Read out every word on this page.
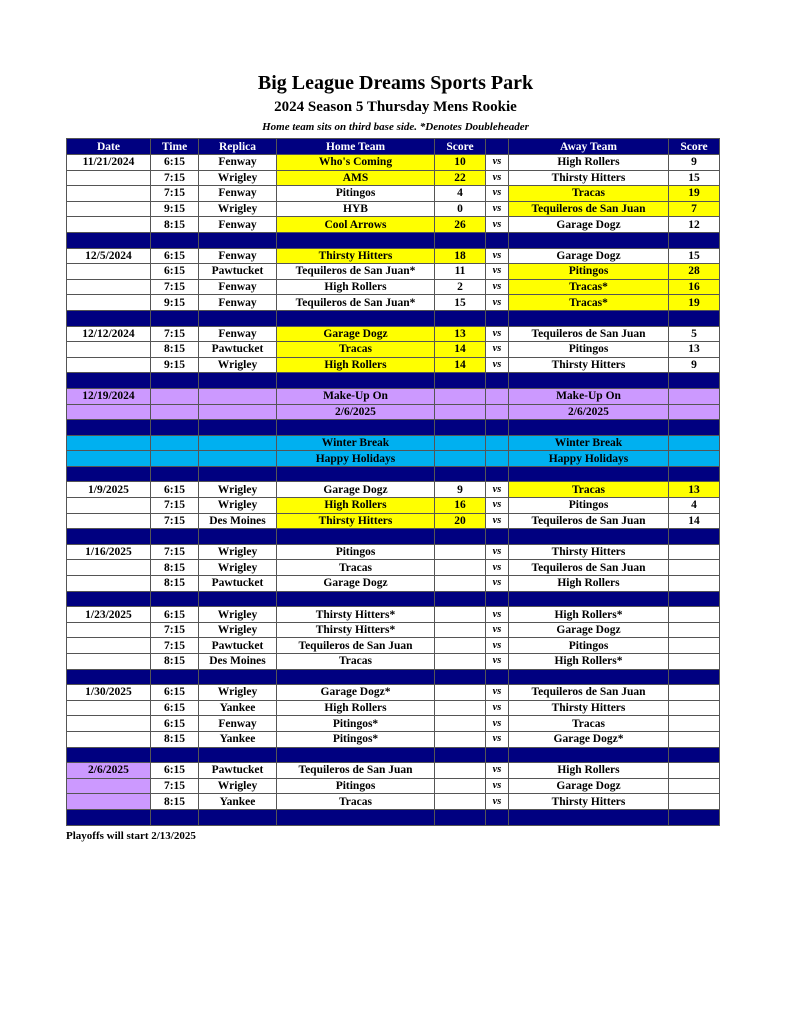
Big League Dreams Sports Park
2024 Season 5 Thursday Mens Rookie
Home team sits on third base side. *Denotes Doubleheader
Date	Time	Replica	Home Team	Score		Away Team	Score
11/21/2024	6:15	Fenway	Who's Coming	10	vs	High Rollers	9
	7:15	Wrigley	AMS	22	vs	Thirsty Hitters	15
	7:15	Fenway	Pitingos	4	vs	Tracas	19
	9:15	Wrigley	HYB	0	vs	Tequileros de San Juan	7
	8:15	Fenway	Cool Arrows	26	vs	Garage Dogz	12

12/5/2024	6:15	Fenway	Thirsty Hitters	18	vs	Garage Dogz	15
	6:15	Pawtucket	Tequileros de San Juan*	11	vs	Pitingos	28
	7:15	Fenway	High Rollers	2	vs	Tracas*	16
	9:15	Fenway	Tequileros de San Juan*	15	vs	Tracas*	19

12/12/2024	7:15	Fenway	Garage Dogz	13	vs	Tequileros de San Juan	5
	8:15	Pawtucket	Tracas	14	vs	Pitingos	13
	9:15	Wrigley	High Rollers	14	vs	Thirsty Hitters	9

12/19/2024			Make-Up On			Make-Up On	
			2/6/2025			2/6/2025	

			Winter Break			Winter Break	
			Happy Holidays			Happy Holidays	

1/9/2025	6:15	Wrigley	Garage Dogz	9	vs	Tracas	13
	7:15	Wrigley	High Rollers	16	vs	Pitingos	4
	7:15	Des Moines	Thirsty Hitters	20	vs	Tequileros de San Juan	14

1/16/2025	7:15	Wrigley	Pitingos		vs	Thirsty Hitters	
	8:15	Wrigley	Tracas		vs	Tequileros de San Juan	
	8:15	Pawtucket	Garage Dogz		vs	High Rollers	

1/23/2025	6:15	Wrigley	Thirsty Hitters*		vs	High Rollers*	
	7:15	Wrigley	Thirsty Hitters*		vs	Garage Dogz	
	7:15	Pawtucket	Tequileros de San Juan		vs	Pitingos	
	8:15	Des Moines	Tracas		vs	High Rollers*	

1/30/2025	6:15	Wrigley	Garage Dogz*		vs	Tequileros de San Juan	
	6:15	Yankee	High Rollers		vs	Thirsty Hitters	
	6:15	Fenway	Pitingos*		vs	Tracas	
	8:15	Yankee	Pitingos*		vs	Garage Dogz*	

2/6/2025	6:15	Pawtucket	Tequileros de San Juan		vs	High Rollers	
	7:15	Wrigley	Pitingos		vs	Garage Dogz	
	8:15	Yankee	Tracas		vs	Thirsty Hitters	

Playoffs will start 2/13/2025
